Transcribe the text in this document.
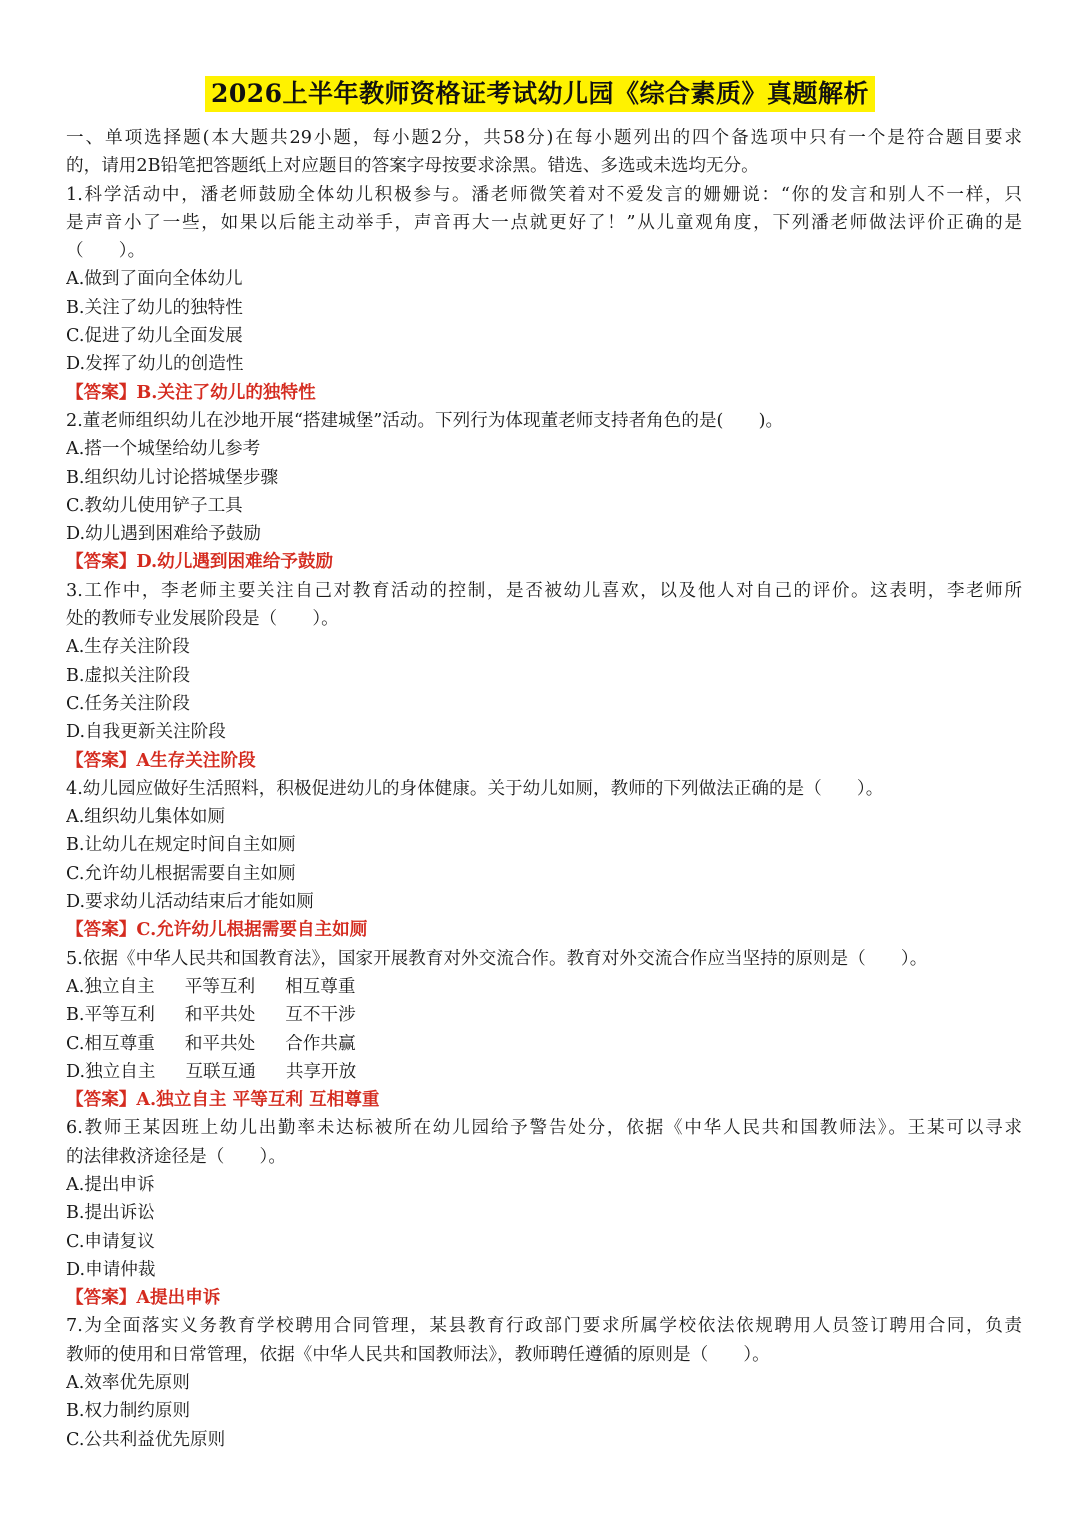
2026上半年教师资格证考试幼儿园《综合素质》真题解析
一、单项选择题(本大题共29小题，每小题2分，共58分)在每小题列出的四个备选项中只有一个是符合题目要求
的，请用2B铅笔把答题纸上对应题目的答案字母按要求涂黑。错选、多选或未选均无分。
1.科学活动中，潘老师鼓励全体幼儿积极参与。潘老师微笑着对不爱发言的姗姗说：“你的发言和别人不一样，只
是声音小了一些，如果以后能主动举手，声音再大一点就更好了！”从儿童观角度，下列潘老师做法评价正确的是
（　　）。
A.做到了面向全体幼儿
B.关注了幼儿的独特性
C.促进了幼儿全面发展
D.发挥了幼儿的创造性
【答案】B.关注了幼儿的独特性
2.董老师组织幼儿在沙地开展“搭建城堡”活动。下列行为体现董老师支持者角色的是(　　)。
A.搭一个城堡给幼儿参考
B.组织幼儿讨论搭城堡步骤
C.教幼儿使用铲子工具
D.幼儿遇到困难给予鼓励
【答案】D.幼儿遇到困难给予鼓励
3.工作中，李老师主要关注自己对教育活动的控制，是否被幼儿喜欢，以及他人对自己的评价。这表明，李老师所
处的教师专业发展阶段是（　　）。
A.生存关注阶段
B.虚拟关注阶段
C.任务关注阶段
D.自我更新关注阶段
【答案】A生存关注阶段
4.幼儿园应做好生活照料，积极促进幼儿的身体健康。关于幼儿如厕，教师的下列做法正确的是（　　）。
A.组织幼儿集体如厕
B.让幼儿在规定时间自主如厕
C.允许幼儿根据需要自主如厕
D.要求幼儿活动结束后才能如厕
【答案】C.允许幼儿根据需要自主如厕
5.依据《中华人民共和国教育法》，国家开展教育对外交流合作。教育对外交流合作应当坚持的原则是（　　）。
A.独立自主 平等互利 相互尊重
B.平等互利 和平共处 互不干涉
C.相互尊重 和平共处 合作共赢
D.独立自主 互联互通 共享开放
【答案】A.独立自主 平等互利 互相尊重
6.教师王某因班上幼儿出勤率未达标被所在幼儿园给予警告处分，依据《中华人民共和国教师法》。王某可以寻求
的法律救济途径是（　　）。
A.提出申诉
B.提出诉讼
C.申请复议
D.申请仲裁
【答案】A提出申诉
7.为全面落实义务教育学校聘用合同管理，某县教育行政部门要求所属学校依法依规聘用人员签订聘用合同，负责
教师的使用和日常管理，依据《中华人民共和国教师法》，教师聘任遵循的原则是（　　）。
A.效率优先原则
B.权力制约原则
C.公共利益优先原则
